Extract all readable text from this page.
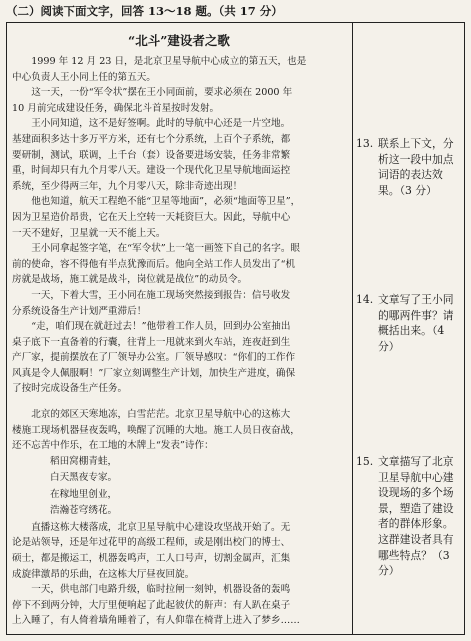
（二）阅读下面文字，回答 13～18 题。（共 17 分）
“北斗”建设者之歌

1999 年 12 月 23 日，是北京卫星导航中心成立的第五天，也是

中心负责人王小同上任的第五天。

这一天，一份“军令状”摆在王小同面前，要求必须在 2000 年

10 月前完成建设任务，确保北斗首星按时发射。

王小同知道，这不是好签啊。此时的导航中心还是一片空地。

基建面积多达十多万平方米，还有七个分系统，上百个子系统，都

要研制，测试，联调，上千台（套）设备要进场安装，任务非常繁

重，时间却只有九个月零八天。建设一个现代化卫星导航地面运控

系统，至少得两三年，九个月零八天，除非奇迹出现！

他也知道，航天工程绝不能“卫星等地面”，必须“地面等卫星”，

因为卫星造价昂贵，它在天上空转一天耗资巨大。因此，导航中心

一天不建好，卫星就一天不能上天。

王小同拿起签字笔，在“军令状”上一笔一画签下自己的名字。眼

前的使命，容不得他有半点犹豫而后。他向全站工作人员发出了“机

房就是战场，施工就是战斗，岗位就是战位”的动员令。

一天，下着大雪，王小同在施工现场突然接到报告：信号收发

分系统设备生产计划严重滞后！

“走，咱们现在就赶过去！”他带着工作人员，回到办公室抽出

桌子底下一直备着的行囊，往背上一甩就来到火车站，连夜赶到生

产厂家，提前摆放在了厂领导办公室。厂领导感叹：“你们的工作作

风真是令人佩服啊！”厂家立刻调整生产计划，加快生产进度，确保

了按时完成设备生产任务。

北京的郊区天寒地冻，白雪茫茫。北京卫星导航中心的这栋大

楼施工现场机器昼夜轰鸣，唤醒了沉睡的大地。施工人员日夜奋战，

还不忘苦中作乐，在工地的木牌上“发表”诗作：

稻田窝棚青蛙，

白天黑夜专家。

在稼地里创业，

浩瀚苍穹绣花。

直播这栋大楼落成，北京卫星导航中心建设攻坚战开始了。无

论是站领导，还是年过花甲的高级工程师，或是刚出校门的博士、

硕士，都是搬运工，机器轰鸣声，工人口号声，切割金属声，汇集

成旋律激昂的乐曲，在这栋大厅昼夜回旋。

一天，供电部门电路升级，临时拉闸一刻钟，机器设备的轰鸣

停下不到两分钟，大厅里便响起了此起彼伏的鼾声：有人趴在桌子

上入睡了，有人倚着墙角睡着了，有人仰靠在椅背上进入了梦乡……

13. 联系上下文，分析这一段中加点词语的表达效果。（3 分）
14. 文章写了王小同的哪两件事？请概括出来。（4 分）
15. 文章描写了北京卫星导航中心建设现场的多个场景，塑造了建设者的群体形象。这群建设者具有哪些特点？（3 分）
